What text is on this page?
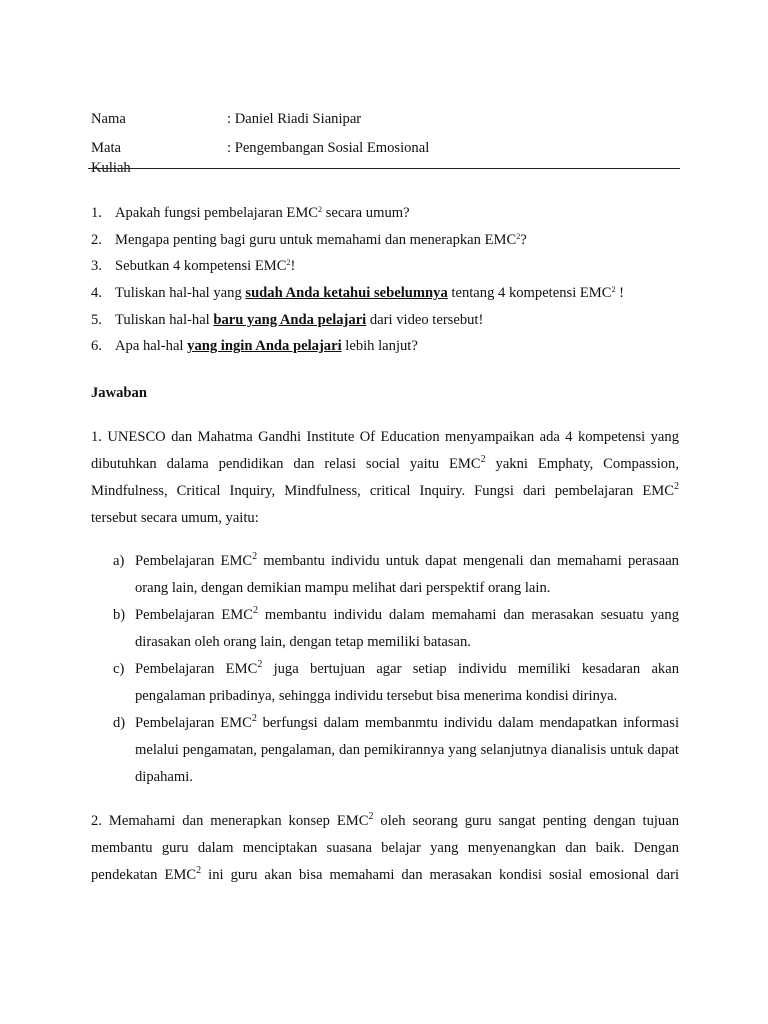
Nama	: Daniel Riadi Sianipar
Mata Kuliah
: Pengembangan Sosial Emosional
1. Apakah fungsi pembelajaran EMC$^2$ secara umum?
2. Mengapa penting bagi guru untuk memahami dan menerapkan EMC$^2$?
3. Sebutkan 4 kompetensi EMC$^2$!
4. Tuliskan hal-hal yang sudah Anda ketahui sebelumnya tentang 4 kompetensi EMC$^2$ !
5. Tuliskan hal-hal baru yang Anda pelajari dari video tersebut!
6. Apa hal-hal yang ingin Anda pelajari lebih lanjut?
Jawaban

1. UNESCO dan Mahatma Gandhi Institute Of Education menyampaikan ada 4 kompetensi yang dibutuhkan dalama pendidikan dan relasi social yaitu EMC$^2$ yakni Emphaty, Compassion, Mindfulness, Critical Inquiry, Mindfulness, critical Inquiry. Fungsi dari pembelajaran EMC$^2$ tersebut secara umum, yaitu:

a) Pembelajaran EMC$^2$ membantu individu untuk dapat mengenali dan memahami perasaan orang lain, dengan demikian mampu melihat dari perspektif orang lain.
b) Pembelajaran EMC$^2$ membantu individu dalam memahami dan merasakan sesuatu yang dirasakan oleh orang lain, dengan tetap memiliki batasan.
c) Pembelajaran EMC$^2$ juga bertujuan agar setiap individu memiliki kesadaran akan pengalaman pribadinya, sehingga individu tersebut bisa menerima kondisi dirinya.
d) Pembelajaran EMC$^2$ berfungsi dalam membanmtu individu dalam mendapatkan informasi melalui pengamatan, pengalaman, dan pemikirannya yang selanjutnya dianalisis untuk dapat dipahami.

2. Memahami dan menerapkan konsep EMC$^2$ oleh seorang guru sangat penting dengan tujuan membantu guru dalam menciptakan suasana belajar yang menyenangkan dan baik. Dengan pendekatan EMC$^2$ ini guru akan bisa memahami dan merasakan kondisi sosial emosional dari
